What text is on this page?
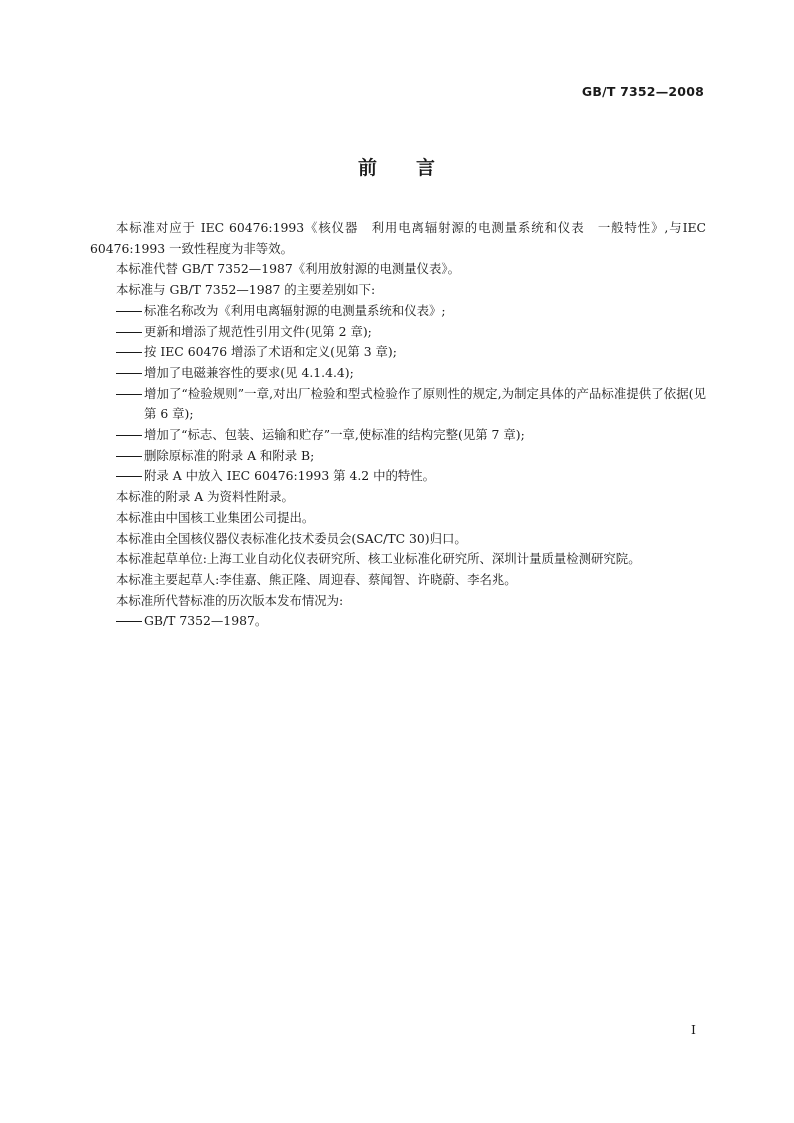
GB/T 7352—2008
前 言

本标准对应于 IEC 60476:1993《核仪器　利用电离辐射源的电测量系统和仪表　一般特性》,与IEC 60476:1993 一致性程度为非等效。

本标准代替 GB/T 7352—1987《利用放射源的电测量仪表》。

本标准与 GB/T 7352—1987 的主要差别如下:

标准名称改为《利用电离辐射源的电测量系统和仪表》;
更新和增添了规范性引用文件(见第 2 章);
按 IEC 60476 增添了术语和定义(见第 3 章);
增加了电磁兼容性的要求(见 4.1.4.4);
增加了“检验规则”一章,对出厂检验和型式检验作了原则性的规定,为制定具体的产品标准提供了依据(见第 6 章);
增加了“标志、包装、运输和贮存”一章,使标准的结构完整(见第 7 章);
删除原标准的附录 A 和附录 B;
附录 A 中放入 IEC 60476:1993 第 4.2 中的特性。

本标准的附录 A 为资料性附录。

本标准由中国核工业集团公司提出。

本标准由全国核仪器仪表标准化技术委员会(SAC/TC 30)归口。

本标准起草单位:上海工业自动化仪表研究所、核工业标准化研究所、深圳计量质量检测研究院。

本标准主要起草人:李佳嘉、熊正隆、周迎春、蔡闻智、许晓蔚、李名兆。

本标准所代替标准的历次版本发布情况为:

GB/T 7352—1987。
I
